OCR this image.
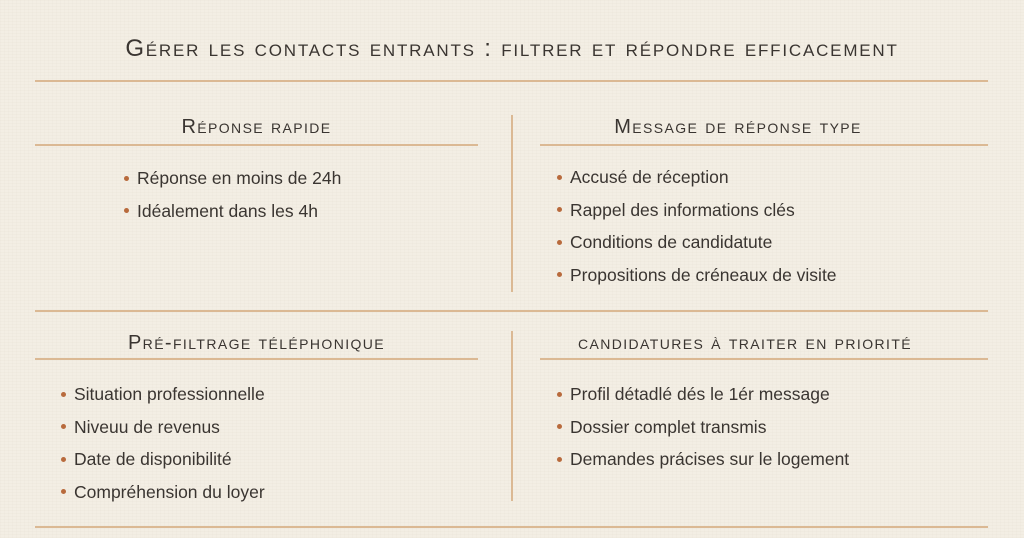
Gérer les contacts entrants : filtrer et répondre efficacement
Réponse rapide
Réponse en moins de 24h
Idéalement dans les 4h
Message de réponse type
Accusé de réception
Rappel des informations clés
Conditions de candidatute
Propositions de créneaux de visite
Pré-filtrage téléphonique
Situation professionnelle
Niveuu de revenus
Date de disponibilité
Compréhension du loyer
candidatures à traiter en priorité
Profil détadlé dés le 1ér message
Dossier complet transmis
Demandes prácises sur le logement
